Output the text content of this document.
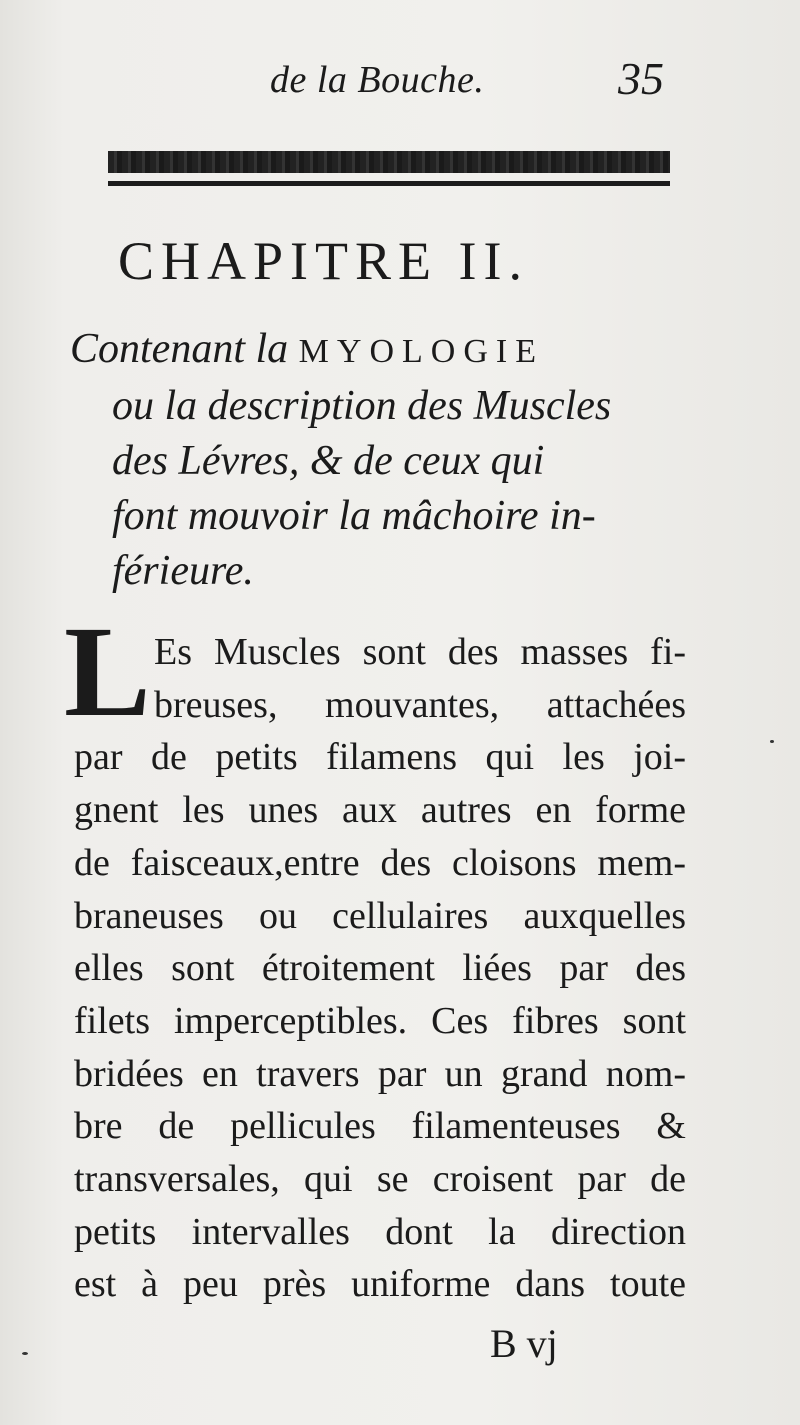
de la Bouche.	35
CHAPITRE II.
Contenant la MYOLOGIE
ou la description des Muscles
des Lévres, & de ceux qui
font mouvoir la mâchoire in-
férieure.
L Es Muscles sont des masses fi-
breuses, mouvantes, attachées
par de petits filamens qui les joi-
gnent les unes aux autres en forme
de faisceaux,entre des cloisons mem-
braneuses ou cellulaires auxquelles
elles sont étroitement liées par des
filets imperceptibles. Ces fibres sont
bridées en travers par un grand nom-
bre de pellicules filamenteuses &
transversales, qui se croisent par de
petits intervalles dont la direction
est à peu près uniforme dans toute
B vj
